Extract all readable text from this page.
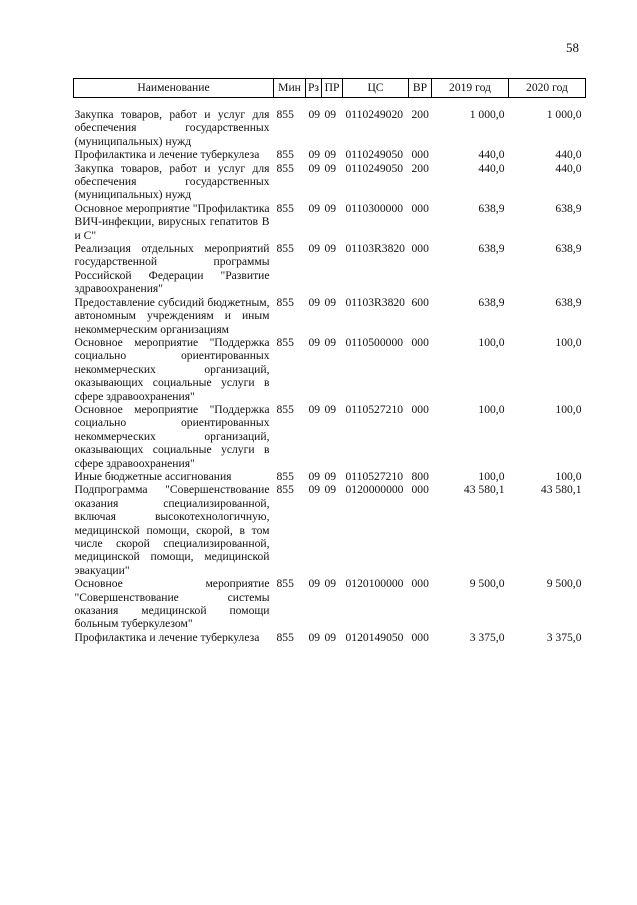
58
Наименование	Мин	Рз	ПР	ЦС	ВР	2019 год	2020 год

Закупка товаров, работ и услуг для обеспечения государственных (муниципальных) нужд	855	09	09	0110249020	200	1 000,0	1 000,0
Профилактика и лечение туберкулеза	855	09	09	0110249050	000	440,0	440,0
Закупка товаров, работ и услуг для обеспечения государственных (муниципальных) нужд	855	09	09	0110249050	200	440,0	440,0
Основное мероприятие "Профилактика ВИЧ-инфекции, вирусных гепатитов В и С"	855	09	09	0110300000	000	638,9	638,9
Реализация отдельных мероприятий государственной программы Российской Федерации "Развитие здравоохранения"	855	09	09	01103R3820	000	638,9	638,9
Предоставление субсидий бюджетным, автономным учреждениям и иным некоммерческим организациям	855	09	09	01103R3820	600	638,9	638,9
Основное мероприятие "Поддержка социально ориентированных некоммерческих организаций, оказывающих социальные услуги в сфере здравоохранения"	855	09	09	0110500000	000	100,0	100,0
Основное мероприятие "Поддержка социально ориентированных некоммерческих организаций, оказывающих социальные услуги в сфере здравоохранения"	855	09	09	0110527210	000	100,0	100,0
Иные бюджетные ассигнования	855	09	09	0110527210	800	100,0	100,0
Подпрограмма "Совершенствование оказания специализированной, включая высокотехнологичную, медицинской помощи, скорой, в том числе скорой специализированной, медицинской помощи, медицинской эвакуации"	855	09	09	0120000000	000	43 580,1	43 580,1
Основное мероприятие "Совершенствование системы оказания медицинской помощи больным туберкулезом"	855	09	09	0120100000	000	9 500,0	9 500,0
Профилактика и лечение туберкулеза	855	09	09	0120149050	000	3 375,0	3 375,0
